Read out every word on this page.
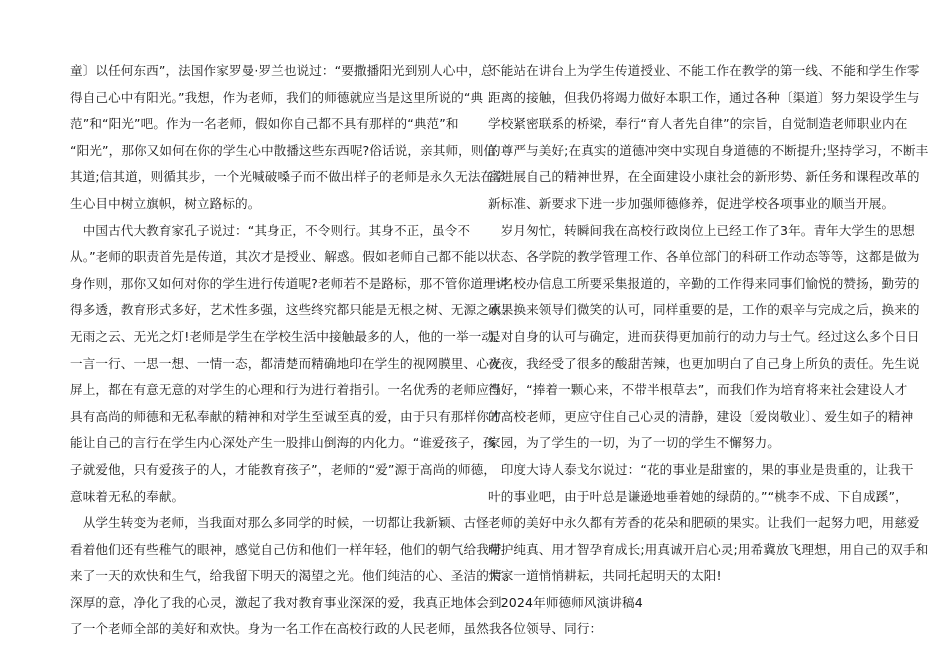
童〕以任何东西”，法国作家罗曼·罗兰也说过：“要撒播阳光到别人心中，总
得自己心中有阳光。”我想，作为老师，我们的师德就应当是这里所说的“典
范”和“阳光”吧。作为一名老师，假如你自己都不具有那样的“典范”和
“阳光”，那你又如何在你的学生心中散播这些东西呢?俗话说，亲其师，则信
其道;信其道，则循其步，一个光喊破嗓子而不做出样子的老师是永久无法在学
生心目中树立旗帜，树立路标的。
　中国古代大教育家孔子说过：“其身正，不令则行。其身不正，虽令不
从。”老师的职责首先是传道，其次才是授业、解惑。假如老师自己都不能以
身作则，那你又如何对你的学生进行传道呢?老师若不是路标，那不管你道理讲
得多透，教育形式多好，艺术性多强，这些终究都只能是无根之树、无源之水、
无雨之云、无光之灯!老师是学生在学校生活中接触最多的人，他的一举一动、
一言一行、一思一想、一情一态，都清楚而精确地印在学生的视网膜里、心光
屏上，都在有意无意的对学生的心理和行为进行着指引。一名优秀的老师应当
具有高尚的师德和无私奉献的精神和对学生至诚至真的爱，由于只有那样你才
能让自己的言行在学生内心深处产生一股排山倒海的内化力。“谁爱孩子，孩
子就爱他，只有爱孩子的人，才能教育孩子”，老师的“爱”源于高尚的师德，
意味着无私的奉献。
　从学生转变为老师，当我面对那么多同学的时候，一切都让我新颖、古怪　　。
看着他们还有些稚气的眼神，感觉自己仿和他们一样年轻，他们的朝气给我带
来了一天的欢快和生气，给我留下明天的渴望之光。他们纯洁的心、圣洁的情、
深厚的意，净化了我的心灵，激起了我对教育事业深深的爱，我真正地体会到
了一个老师全部的美好和欢快。身为一名工作在高校行政的人民老师，虽然我
不能站在讲台上为学生传道授业、不能工作在教学的第一线、不能和学生作零
距离的接触，但我仍将竭力做好本职工作，通过各种〔渠道〕努力架设学生与
学校紧密联系的桥梁，奉行“育人者先自律”的宗旨，自觉制造老师职业内在
的尊严与美好;在真实的道德冲突中实现自身道德的不断提升;坚持学习，不断丰
富进展自己的精神世界，在全面建设小康社会的新形势、新任务和课程改革的
新标准、新要求下进一步加强师德修养，促进学校各项事业的顺当开展。
　岁月匆忙，转瞬间我在高校行政岗位上已经工作了3年。青年大学生的思想
状态、各学院的教学管理工作、各单位部门的科研工作动态等等，这都是做为
一名校办信息工所要采集报道的，辛勤的工作得来同事们愉悦的赞扬，勤劳的
硕果换来领导们微笑的认可，同样重要的是，工作的艰辛与完成之后，换来的
是对自身的认可与确定，进而获得更加前行的动力与士气。经过这么多个日日
夜夜，我经受了很多的酸甜苦辣，也更加明白了自己身上所负的责任。先生说
得好，“捧着一颗心来，不带半根草去”，而我们作为培育将来社会建设人才
的高校老师，更应守住自己心灵的清静，建设〔爱岗敬业〕、爱生如子的精神
家园，为了学生的一切，为了一切的学生不懈努力。
　印度大诗人泰戈尔说过：“花的事业是甜蜜的，果的事业是贵重的，让我干
叶的事业吧，由于叶总是谦逊地垂着她的绿荫的。”“桃李不成、下自成蹊”，
老师的美好中永久都有芳香的花朵和肥硕的果实。让我们一起努力吧，用慈爱
呵护纯真、用才智孕育成长;用真诚开启心灵;用希冀放飞理想，用自己的双手和
大家一道悄悄耕耘，共同托起明天的太阳!
　2024年师德师风演讲稿4
　各位领导、同行：
